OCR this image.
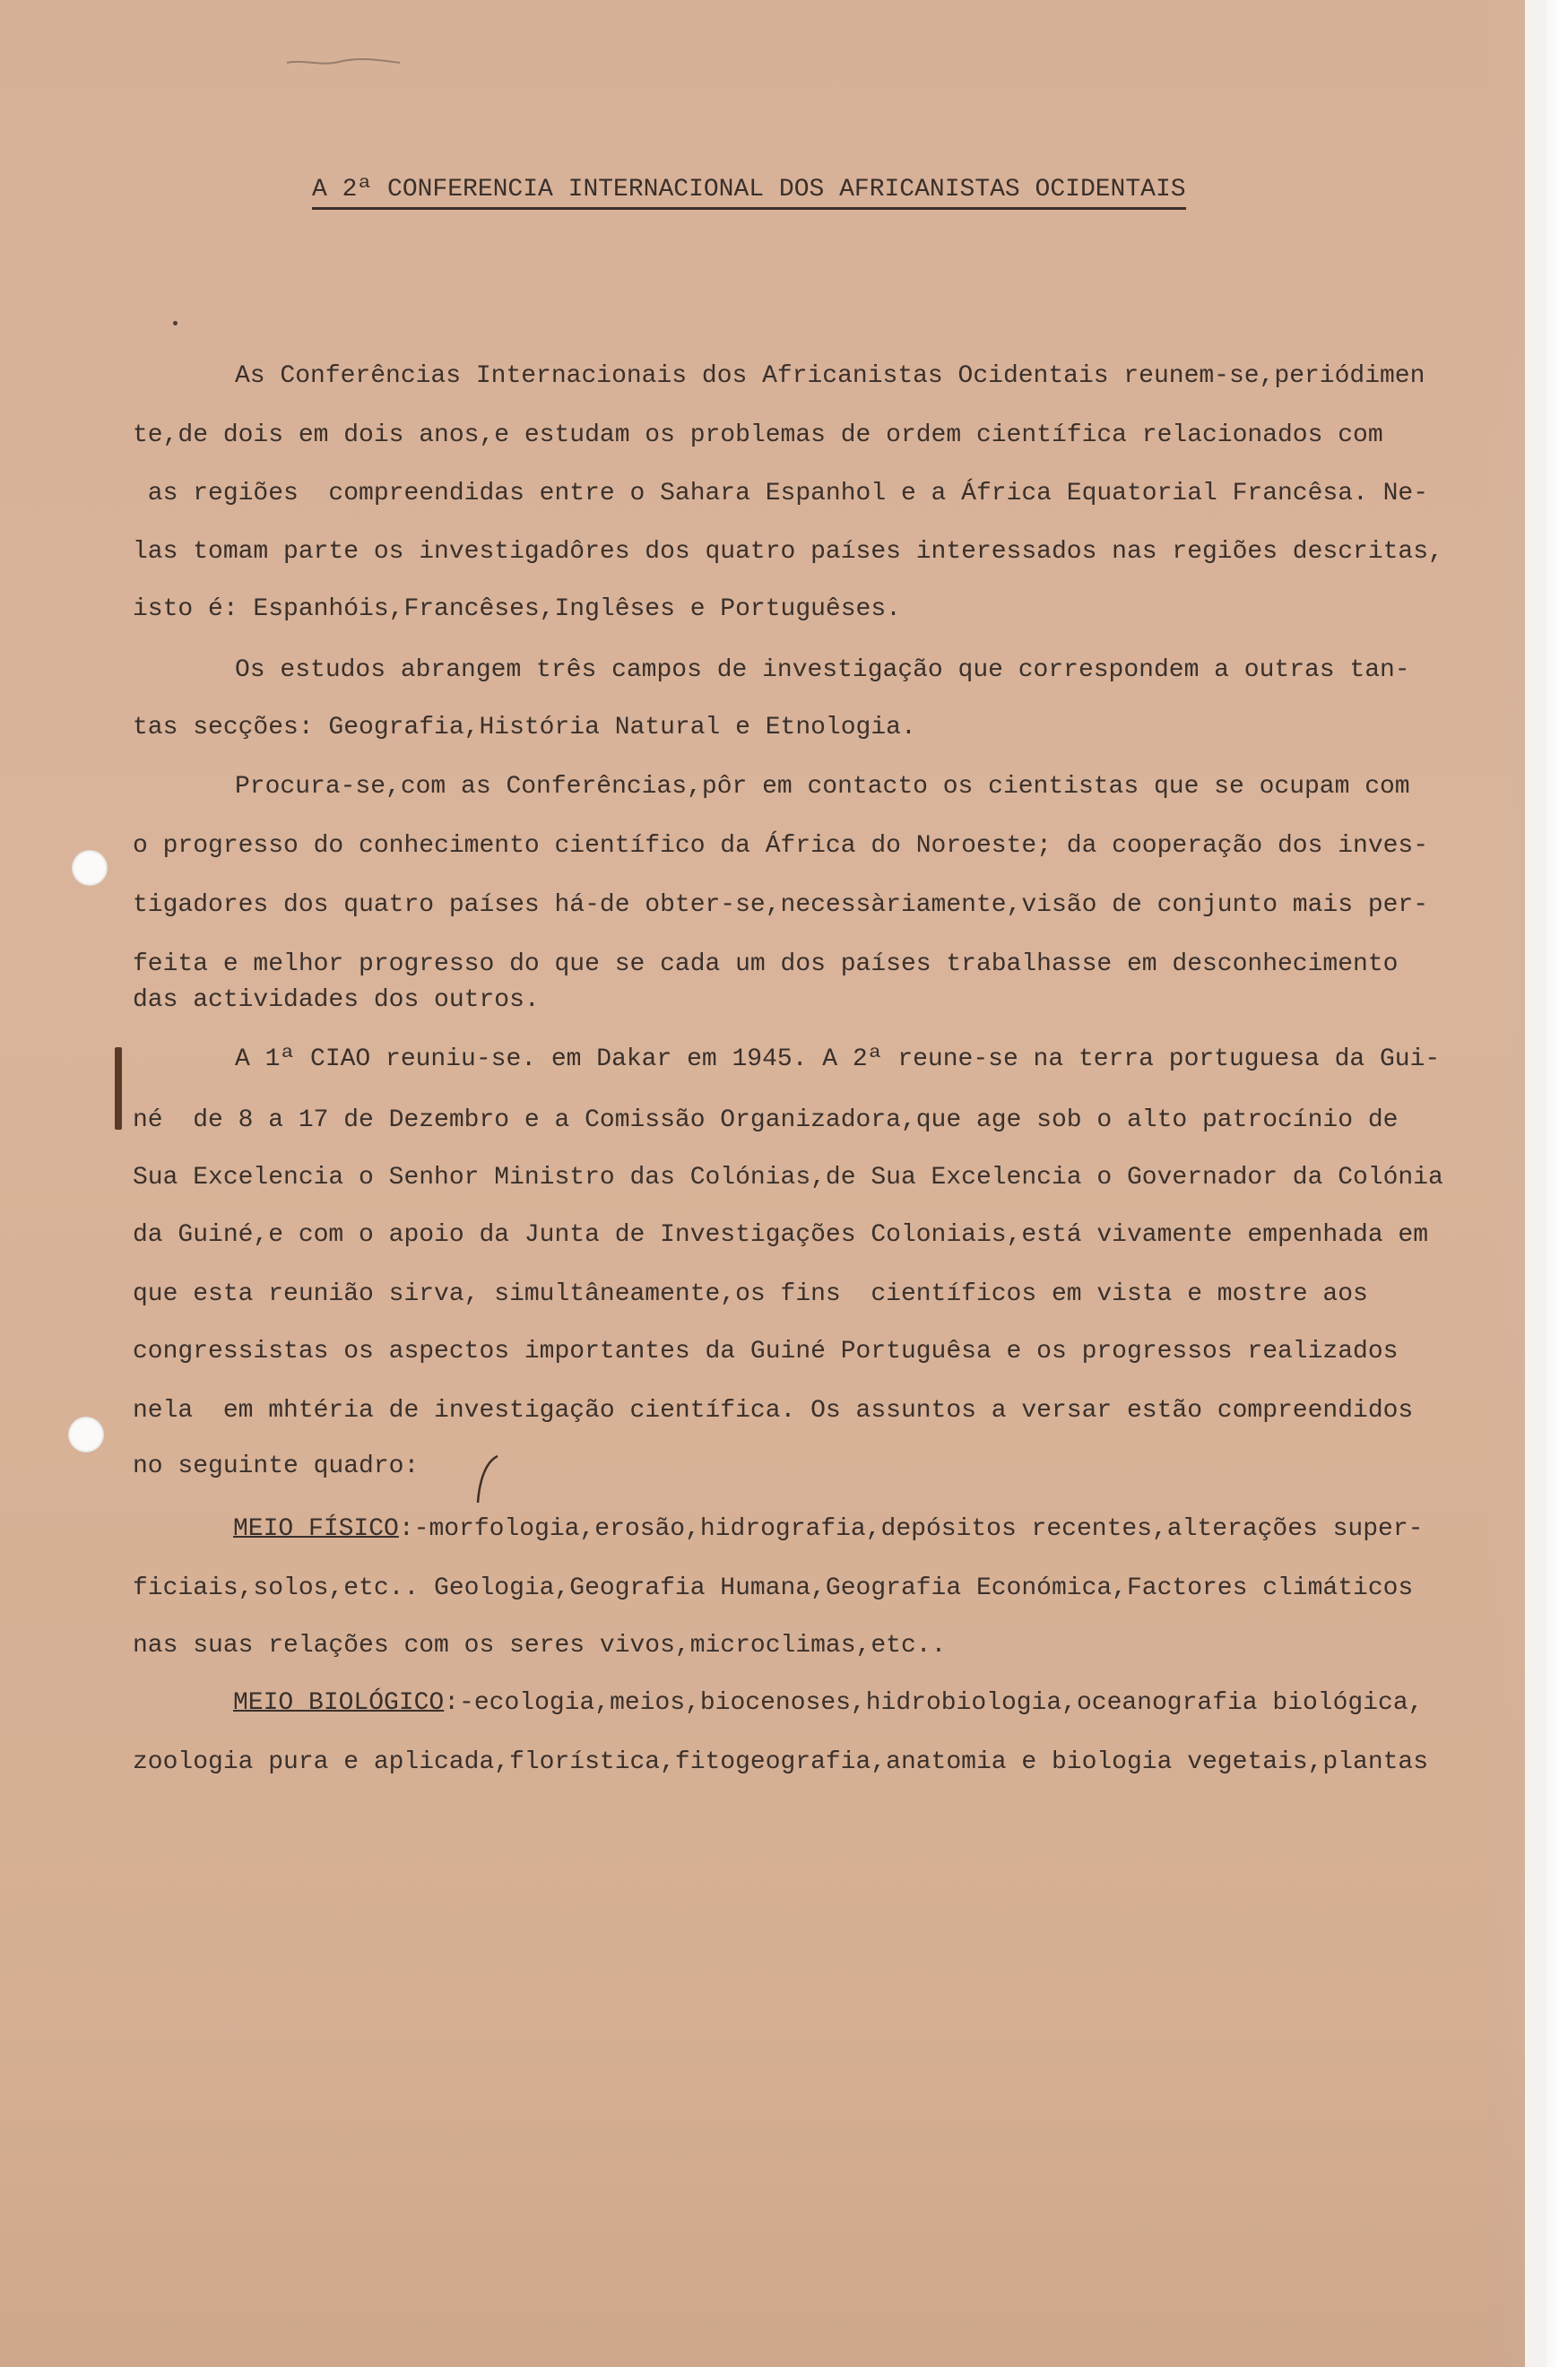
A 2ª CONFERENCIA INTERNACIONAL DOS AFRICANISTAS OCIDENTAIS
As Conferências Internacionais dos Africanistas Ocidentais reunem-se,periódimen
te,de dois em dois anos,e estudam os problemas de ordem científica relacionados com
as regiões  compreendidas entre o Sahara Espanhol e a África Equatorial Francêsa. Ne-
las tomam parte os investigadôres dos quatro países interessados nas regiões descritas,
isto é: Espanhóis,Francêses,Inglêses e Portuguêses.
Os estudos abrangem três campos de investigação que correspondem a outras tan-
tas secções: Geografia,História Natural e Etnologia.
Procura-se,com as Conferências,pôr em contacto os cientistas que se ocupam com
o progresso do conhecimento científico da África do Noroeste; da cooperação dos inves-
tigadores dos quatro países há-de obter-se,necessàriamente,visão de conjunto mais per-
feita e melhor progresso do que se cada um dos países trabalhasse em desconhecimento
das actividades dos outros.
A 1ª CIAO reuniu-se. em Dakar em 1945. A 2ª reune-se na terra portuguesa da Gui-
né  de 8 a 17 de Dezembro e a Comissão Organizadora,que age sob o alto patrocínio de
Sua Excelencia o Senhor Ministro das Colónias,de Sua Excelencia o Governador da Colónia
da Guiné,e com o apoio da Junta de Investigações Coloniais,está vivamente empenhada em
que esta reunião sirva, simultâneamente,os fins  científicos em vista e mostre aos
congressistas os aspectos importantes da Guiné Portuguêsa e os progressos realizados
nela  em mhtéria de investigação científica. Os assuntos a versar estão compreendidos
no seguinte quadro:
MEIO FÍSICO:-morfologia,erosão,hidrografia,depósitos recentes,alterações super-
ficiais,solos,etc.. Geologia,Geografia Humana,Geografia Económica,Factores climáticos
nas suas relações com os seres vivos,microclimas,etc..
MEIO BIOLÓGICO:-ecologia,meios,biocenoses,hidrobiologia,oceanografia biológica,
zoologia pura e aplicada,florística,fitogeografia,anatomia e biologia vegetais,plantas
